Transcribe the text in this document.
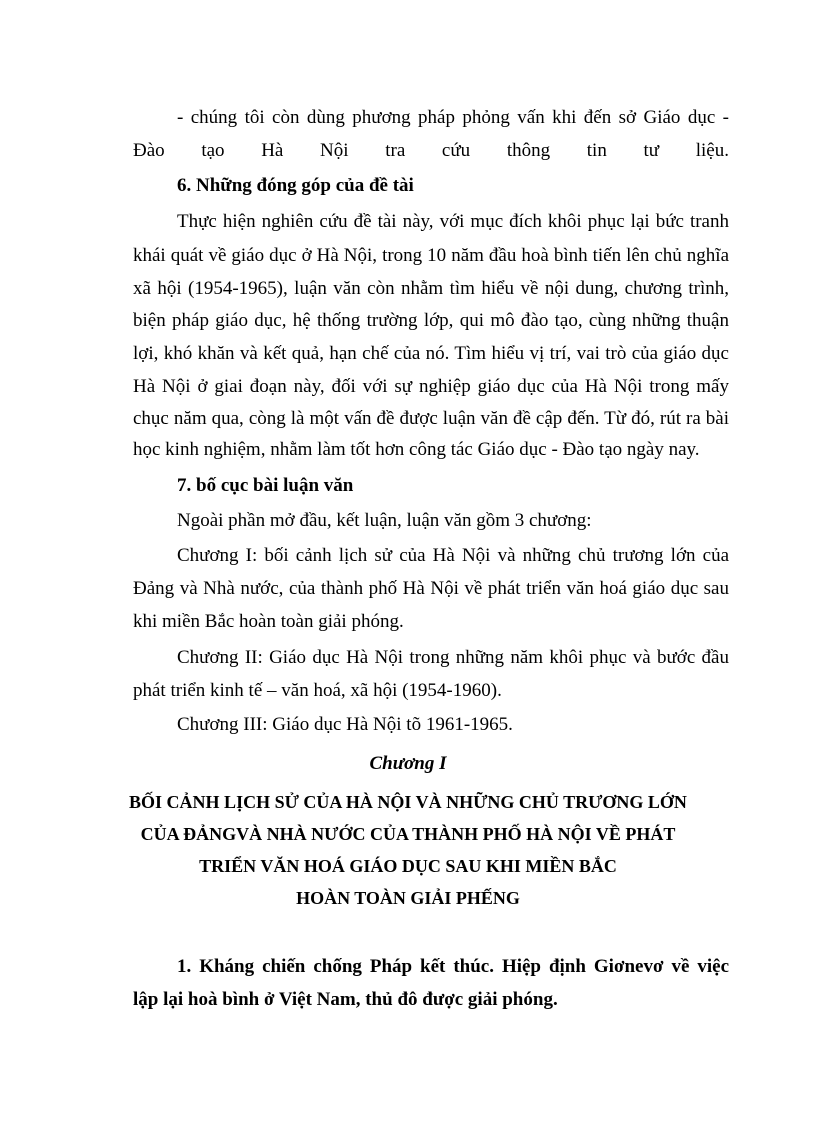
- chúng tôi còn dùng phương pháp phỏng vấn khi đến sở Giáo dục -
Đào tạo Hà Nội tra cứu thông tin tư liệu.
6. Những đóng góp của đề tài
Thực hiện nghiên cứu đề tài này, với mục đích khôi phục lại bức tranh
khái quát về giáo dục ở Hà Nội, trong 10 năm đầu hoà bình tiến lên chủ nghĩa
xã hội (1954-1965), luận văn còn nhằm tìm hiểu về nội dung, chương trình,
biện pháp giáo dục, hệ thống trường lớp, qui mô đào tạo, cùng những thuận
lợi, khó khăn và kết quả, hạn chế của nó. Tìm hiểu vị trí, vai trò của giáo dục
Hà Nội ở giai đoạn này, đối với sự nghiệp giáo dục của Hà Nội trong mấy
chục năm qua, còng là một vấn đề được luận văn đề cập đến. Từ đó, rút ra bài
học kinh nghiệm, nhằm làm tốt hơn công tác Giáo dục - Đào tạo ngày nay.
7. bố cục bài luận văn
Ngoài phần mở đầu, kết luận, luận văn gồm 3 chương:
Chương I: bối cảnh lịch sử của Hà Nội và những chủ trương lớn của
Đảng và Nhà nước, của thành phố Hà Nội về phát triển văn hoá giáo dục sau
khi miền Bắc hoàn toàn giải phóng.
Chương II: Giáo dục Hà Nội trong những năm khôi phục và bước đầu
phát triển kinh tế – văn hoá, xã hội (1954-1960).
Chương III: Giáo dục Hà Nội tõ 1961-1965.
Chương I
BỐI CẢNH LỊCH SỬ CỦA HÀ NỘI VÀ NHỮNG CHỦ TRƯƠNG LỚN
CỦA ĐẢNGVÀ NHÀ NƯỚC CỦA THÀNH PHỐ HÀ NỘI VỀ PHÁT
TRIỂN VĂN HOÁ GIÁO DỤC SAU KHI MIỀN BẮC
HOÀN TOÀN GIẢI PHẾNG
1. Kháng chiến chống Pháp kết thúc. Hiệp định Giơnevơ về việc
lập lại hoà bình ở Việt Nam, thủ đô được giải phóng.
